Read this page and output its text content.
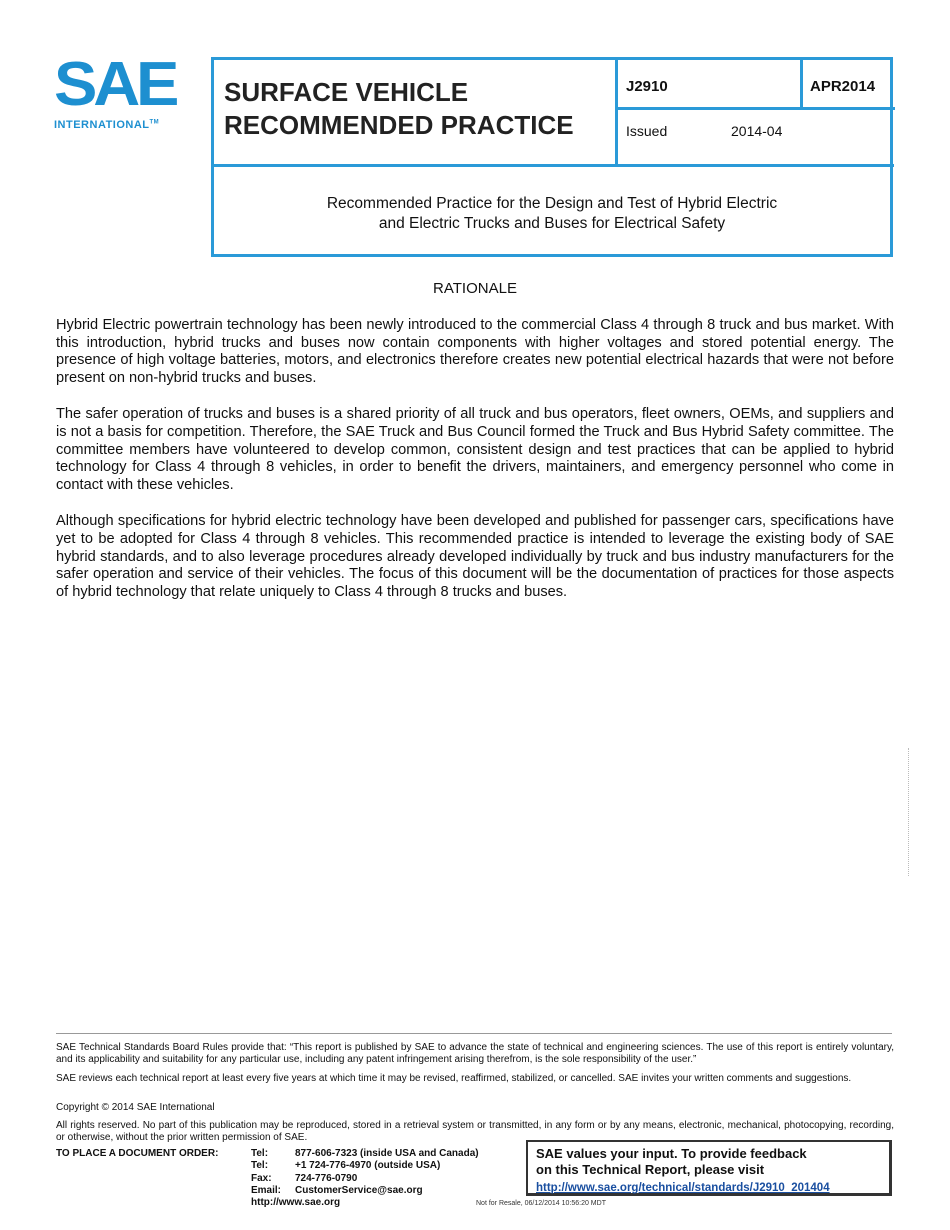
SAE
INTERNATIONAL™
SURFACE VEHICLE
RECOMMENDED PRACTICE
J2910	APR2014
Issued	2014-04
Recommended Practice for the Design and Test of Hybrid Electric
and Electric Trucks and Buses for Electrical Safety
RATIONALE

Hybrid Electric powertrain technology has been newly introduced to the commercial Class 4 through 8 truck and bus market. With this introduction, hybrid trucks and buses now contain components with higher voltages and stored potential energy. The presence of high voltage batteries, motors, and electronics therefore creates new potential electrical hazards that were not before present on non-hybrid trucks and buses.

The safer operation of trucks and buses is a shared priority of all truck and bus operators, fleet owners, OEMs, and suppliers and is not a basis for competition. Therefore, the SAE Truck and Bus Council formed the Truck and Bus Hybrid Safety committee. The committee members have volunteered to develop common, consistent design and test practices that can be applied to hybrid technology for Class 4 through 8 vehicles, in order to benefit the drivers, maintainers, and emergency personnel who come in contact with these vehicles.

Although specifications for hybrid electric technology have been developed and published for passenger cars, specifications have yet to be adopted for Class 4 through 8 vehicles. This recommended practice is intended to leverage the existing body of SAE hybrid standards, and to also leverage procedures already developed individually by truck and bus industry manufacturers for the safer operation and service of their vehicles. The focus of this document will be the documentation of practices for those aspects of hybrid technology that relate uniquely to Class 4 through 8 trucks and buses.

SAE Technical Standards Board Rules provide that: “This report is published by SAE to advance the state of technical and engineering sciences. The use of this report is entirely voluntary, and its applicability and suitability for any particular use, including any patent infringement arising therefrom, is the sole responsibility of the user.”
SAE reviews each technical report at least every five years at which time it may be revised, reaffirmed, stabilized, or cancelled. SAE invites your written comments and suggestions.
Copyright © 2014 SAE International
All rights reserved. No part of this publication may be reproduced, stored in a retrieval system or transmitted, in any form or by any means, electronic, mechanical, photocopying, recording, or otherwise, without the prior written permission of SAE.
TO PLACE A DOCUMENT ORDER:	Tel:	877-606-7323 (inside USA and Canada)
Tel:	+1 724-776-4970 (outside USA)
Fax: 724-776-0790
Email: CustomerService@sae.org
http://www.sae.org
SAE values your input. To provide feedback
on this Technical Report, please visit
http://www.sae.org/technical/standards/J2910_201404
Not for Resale, 06/12/2014 10:56:20 MDT
